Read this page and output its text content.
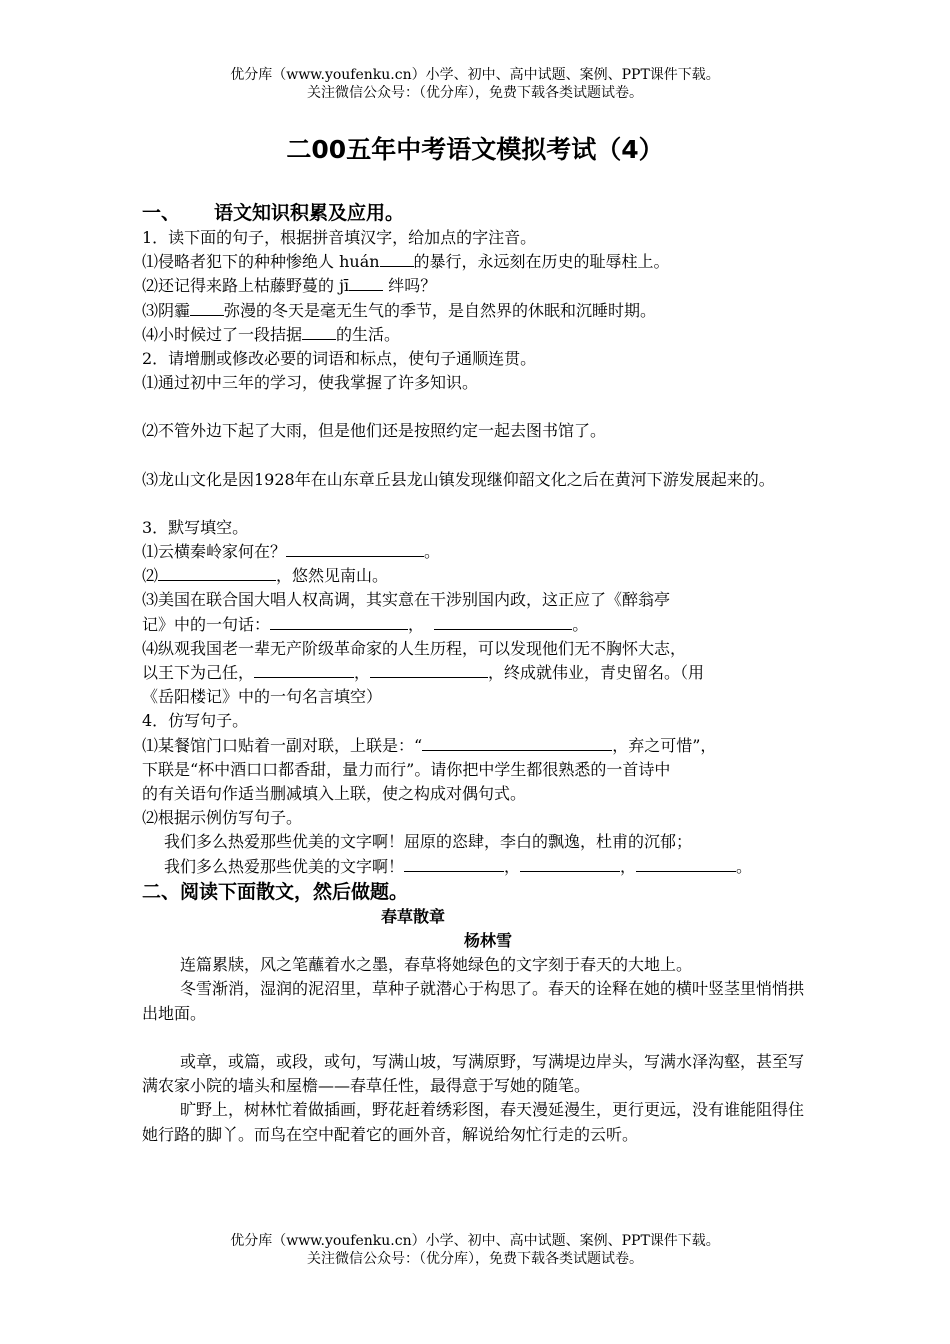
优分库（www.youfenku.cn）小学、初中、高中试题、案例、PPT课件下载。
关注微信公众号：（优分库），免费下载各类试题试卷。
二00五年中考语文模拟考试（4）

一、 语文知识积累及应用。

1．读下面的句子，根据拼音填汉字，给加点的字注音。

⑴侵略者犯下的种种惨绝人 huán 的暴行，永远刻在历史的耻辱柱上。

⑵还记得来路上枯藤野蔓的 jī 绊吗？

⑶阴霾 弥漫的冬天是毫无生气的季节，是自然界的休眠和沉睡时期。

⑷小时候过了一段拮据 的生活。

2．请增删或修改必要的词语和标点，使句子通顺连贯。

⑴通过初中三年的学习，使我掌握了许多知识。

⑵不管外边下起了大雨，但是他们还是按照约定一起去图书馆了。

⑶龙山文化是因1928年在山东章丘县龙山镇发现继仰韶文化之后在黄河下游发展起来的。

3．默写填空。

⑴云横秦岭家何在？	。

⑵	，悠然见南山。

⑶美国在联合国大唱人权高调，其实意在干涉别国内政，这正应了《醉翁亭
记》中的一句话：	，	。

⑷纵观我国老一辈无产阶级革命家的人生历程，可以发现他们无不胸怀大志，
以王下为己任，	，	，终成就伟业，青史留名。（用
《岳阳楼记》中的一句名言填空）

4．仿写句子。

⑴某餐馆门口贴着一副对联，上联是：“	，弃之可惜”，
下联是“杯中酒口口都香甜，量力而行”。请你把中学生都很熟悉的一首诗中
的有关语句作适当删减填入上联，使之构成对偶句式。

⑵根据示例仿写句子。

我们多么热爱那些优美的文字啊！屈原的恣肆，李白的飘逸，杜甫的沉郁；

我们多么热爱那些优美的文字啊！	，	，	。

二、阅读下面散文，然后做题。

春草散章

杨林雪

连篇累牍，风之笔蘸着水之墨，春草将她绿色的文字刻于春天的大地上。

冬雪渐消，湿润的泥沼里，草种子就潜心于构思了。春天的诠释在她的横叶竖茎里悄悄拱出地面。

或章，或篇，或段，或句，写满山坡，写满原野，写满堤边岸头，写满水泽沟壑，甚至写满农家小院的墙头和屋檐——春草任性，最得意于写她的随笔。

旷野上，树林忙着做插画，野花赶着绣彩图，春天漫延漫生，更行更远，没有谁能阻得住她行路的脚丫。而鸟在空中配着它的画外音，解说给匆忙行走的云听。

优分库（www.youfenku.cn）小学、初中、高中试题、案例、PPT课件下载。
关注微信公众号：（优分库），免费下载各类试题试卷。
